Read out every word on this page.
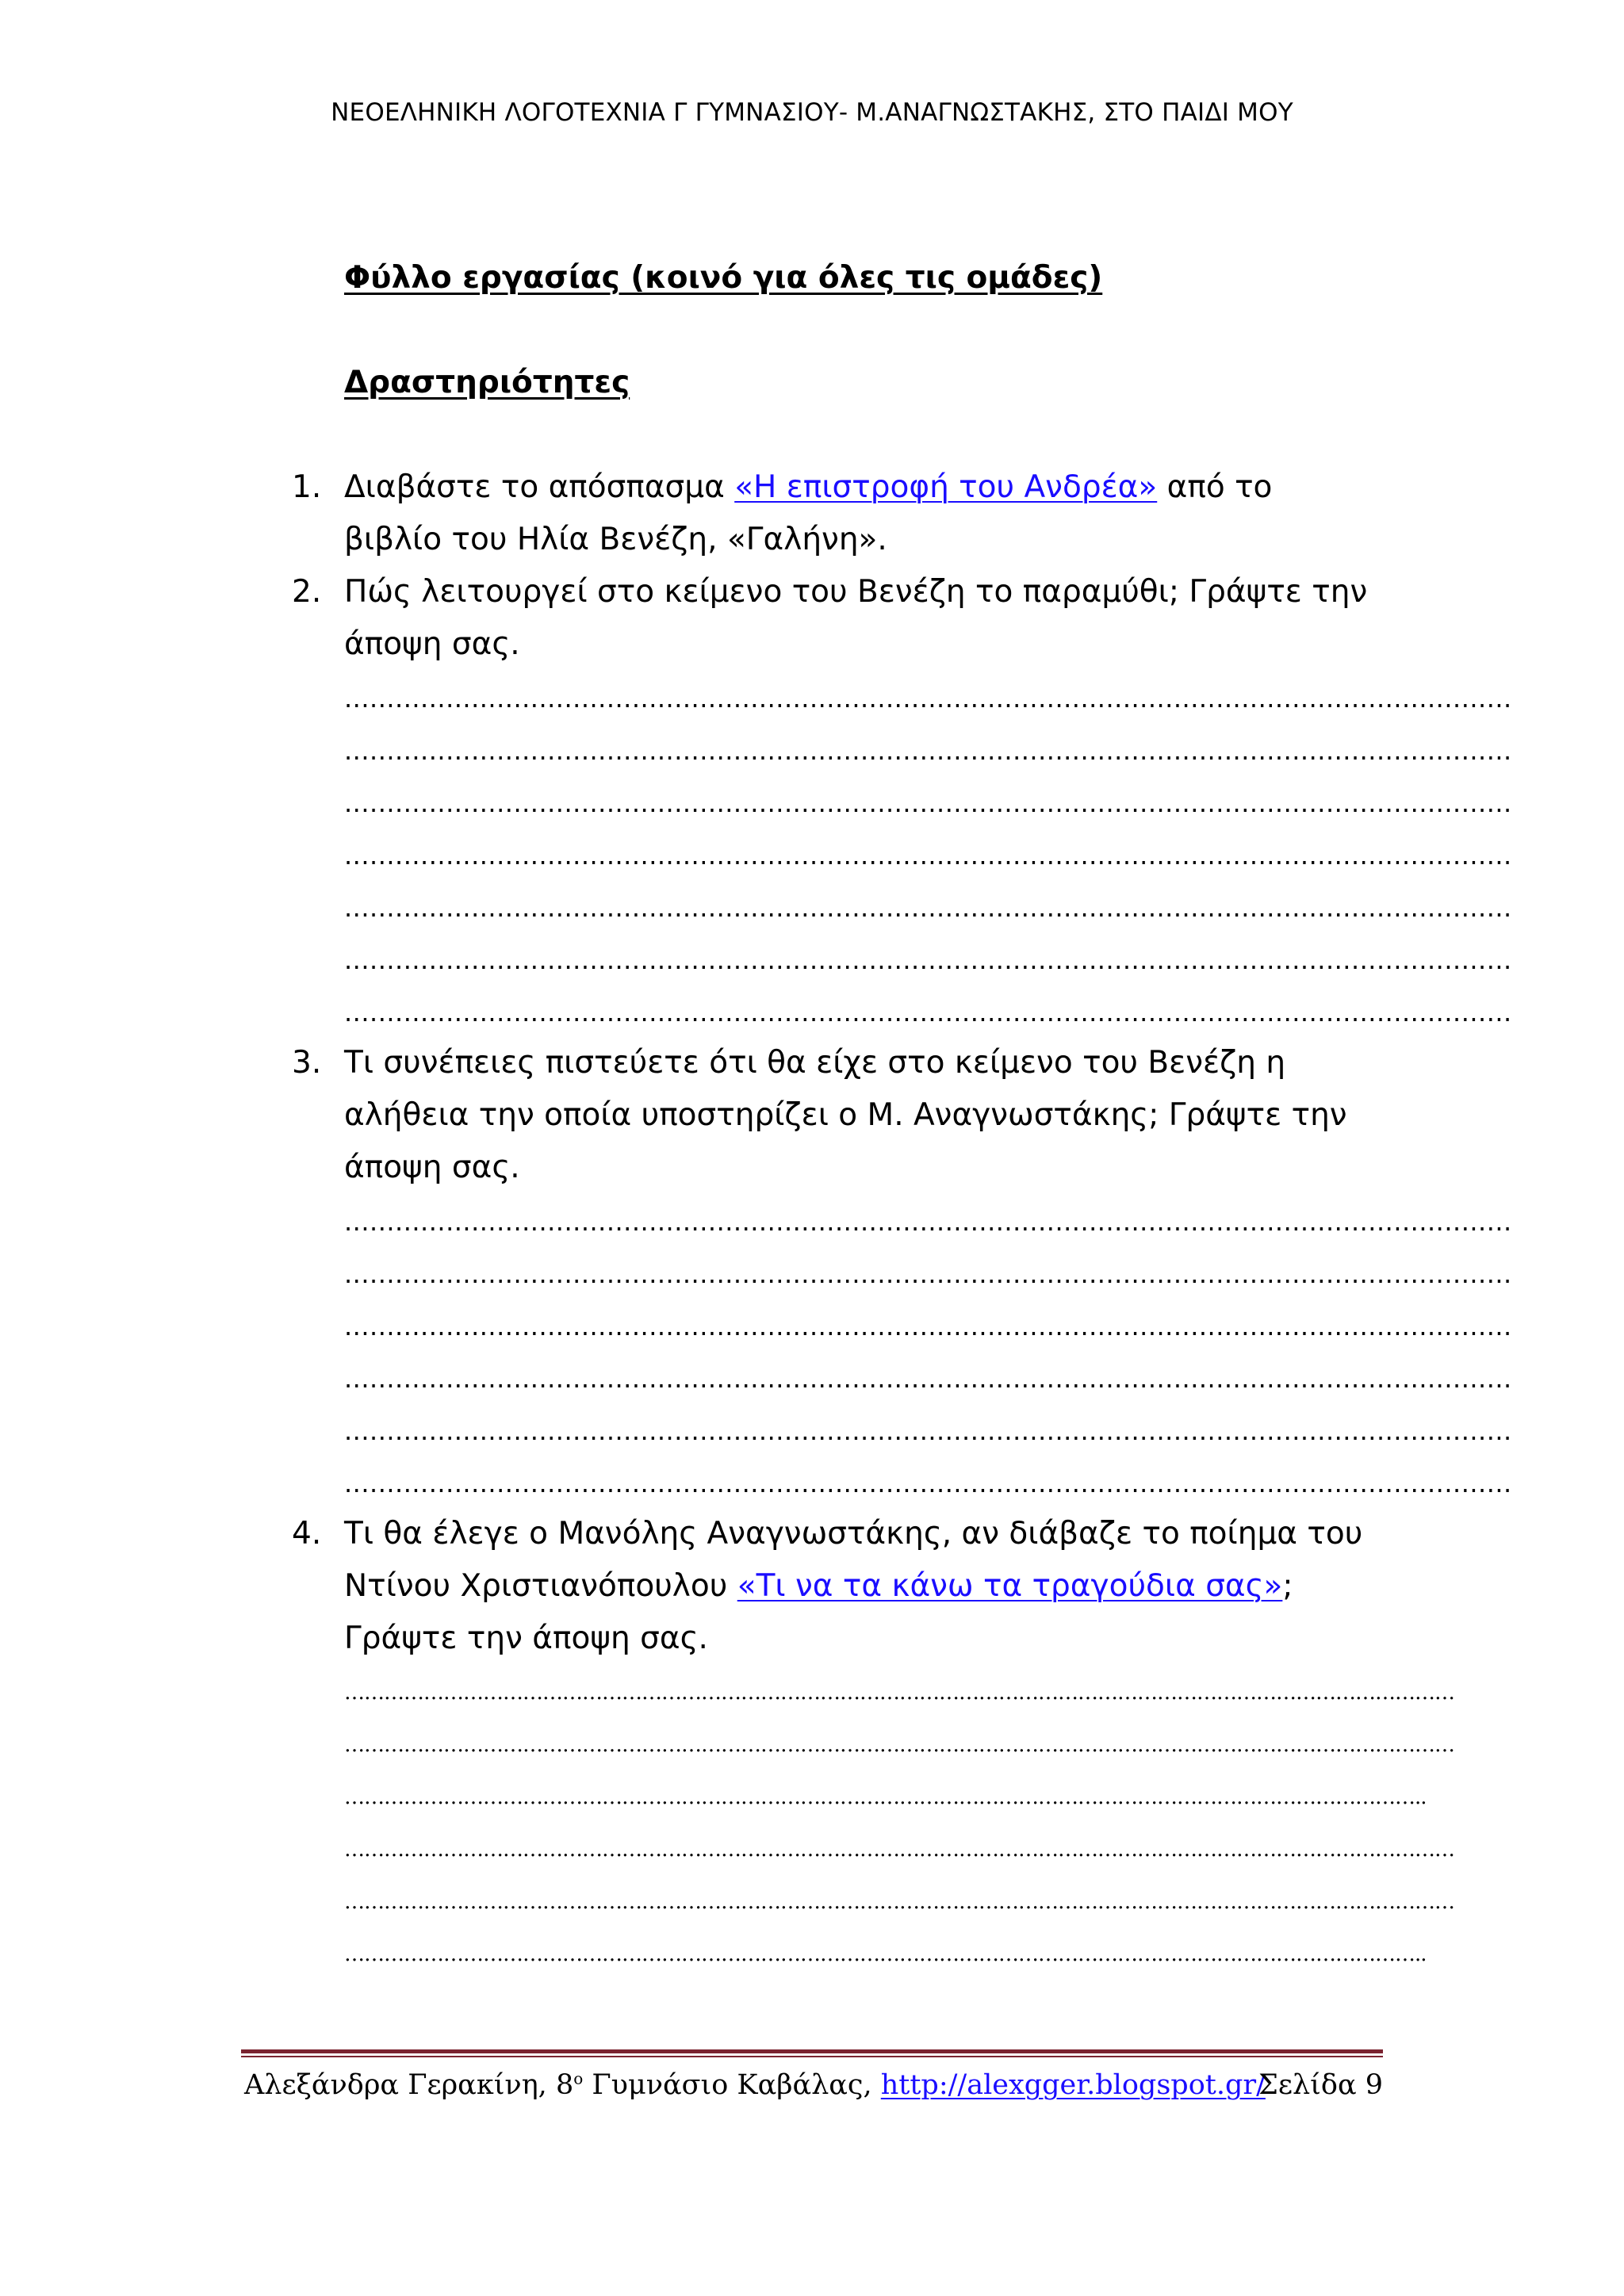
ΝΕΟΕΛΗΝΙΚΗ ΛΟΓΟΤΕΧΝΙΑ Γ ΓΥΜΝΑΣΙΟΥ- Μ.ΑΝΑΓΝΩΣΤΑΚΗΣ, ΣΤΟ ΠΑΙΔΙ ΜΟΥ

Φύλλο εργασίας (κοινό για όλες τις ομάδες)

Δραστηριότητες

1. Διαβάστε το απόσπασμα «Η επιστροφή του Ανδρέα» από το βιβλίο του Ηλία Βενέζη, «Γαλήνη».
2. Πώς λειτουργεί στο κείμενο του Βενέζη το παραμύθι; Γράψτε την άποψη σας.
..........................................................................................................................................
..........................................................................................................................................
..........................................................................................................................................
..........................................................................................................................................
..........................................................................................................................................
..........................................................................................................................................
..........................................................................................................................................
3. Τι συνέπειες πιστεύετε ότι θα είχε στο κείμενο του Βενέζη η αλήθεια την οποία υποστηρίζει ο Μ. Αναγνωστάκης; Γράψτε την άποψη σας.
..........................................................................................................................................
..........................................................................................................................................
..........................................................................................................................................
..........................................................................................................................................
..........................................................................................................................................
..........................................................................................................................................
4. Τι θα έλεγε ο Μανόλης Αναγνωστάκης, αν διάβαζε το ποίημα του Ντίνου Χριστιανόπουλου «Τι να τα κάνω τα τραγούδια σας»; Γράψτε την άποψη σας.
……………………………………………………………………………………………………………………………………………………
……………………………………………………………………………………………………………………………………………………
………………………………………………………………………………………………………………………………………………..
……………………………………………………………………………………………………………………………………………………
……………………………………………………………………………………………………………………………………………………
………………………………………………………………………………………………………………………………………………..
Αλεξάνδρα Γερακίνη, $8^o$ Γυμνάσιο Καβάλας, http://alexgger.blogspot.gr/
Σελίδα 9
